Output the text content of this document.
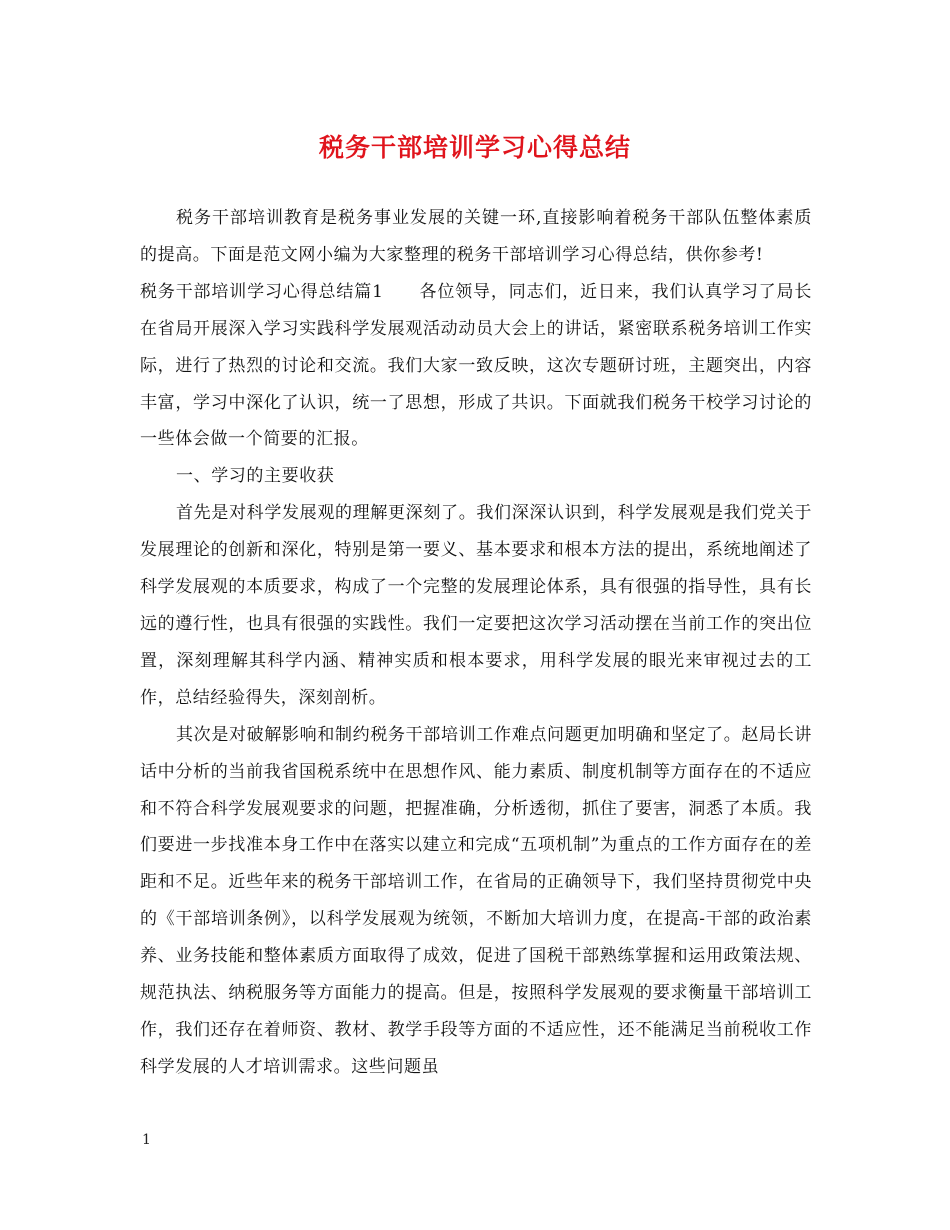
税务干部培训学习心得总结

税务干部培训教育是税务事业发展的关键一环,直接影响着税务干部队伍整体素质的提高。下面是范文网小编为大家整理的税务干部培训学习心得总结，供你参考!

税务干部培训学习心得总结篇1　　各位领导，同志们，近日来，我们认真学习了局长在省局开展深入学习实践科学发展观活动动员大会上的讲话，紧密联系税务培训工作实际，进行了热烈的讨论和交流。我们大家一致反映，这次专题研讨班，主题突出，内容丰富，学习中深化了认识，统一了思想，形成了共识。下面就我们税务干校学习讨论的一些体会做一个简要的汇报。

一、学习的主要收获

首先是对科学发展观的理解更深刻了。我们深深认识到，科学发展观是我们党关于发展理论的创新和深化，特别是第一要义、基本要求和根本方法的提出，系统地阐述了科学发展观的本质要求，构成了一个完整的发展理论体系，具有很强的指导性，具有长远的遵行性，也具有很强的实践性。我们一定要把这次学习活动摆在当前工作的突出位置，深刻理解其科学内涵、精神实质和根本要求，用科学发展的眼光来审视过去的工作，总结经验得失，深刻剖析。

其次是对破解影响和制约税务干部培训工作难点问题更加明确和坚定了。赵局长讲话中分析的当前我省国税系统中在思想作风、能力素质、制度机制等方面存在的不适应和不符合科学发展观要求的问题，把握准确，分析透彻，抓住了要害，洞悉了本质。我们要进一步找准本身工作中在落实以建立和完成“五项机制”为重点的工作方面存在的差距和不足。近些年来的税务干部培训工作，在省局的正确领导下，我们坚持贯彻党中央的《干部培训条例》，以科学发展观为统领，不断加大培训力度，在提高-干部的政治素养、业务技能和整体素质方面取得了成效，促进了国税干部熟练掌握和运用政策法规、规范执法、纳税服务等方面能力的提高。但是，按照科学发展观的要求衡量干部培训工作，我们还存在着师资、教材、教学手段等方面的不适应性，还不能满足当前税收工作科学发展的人才培训需求。这些问题虽

1
